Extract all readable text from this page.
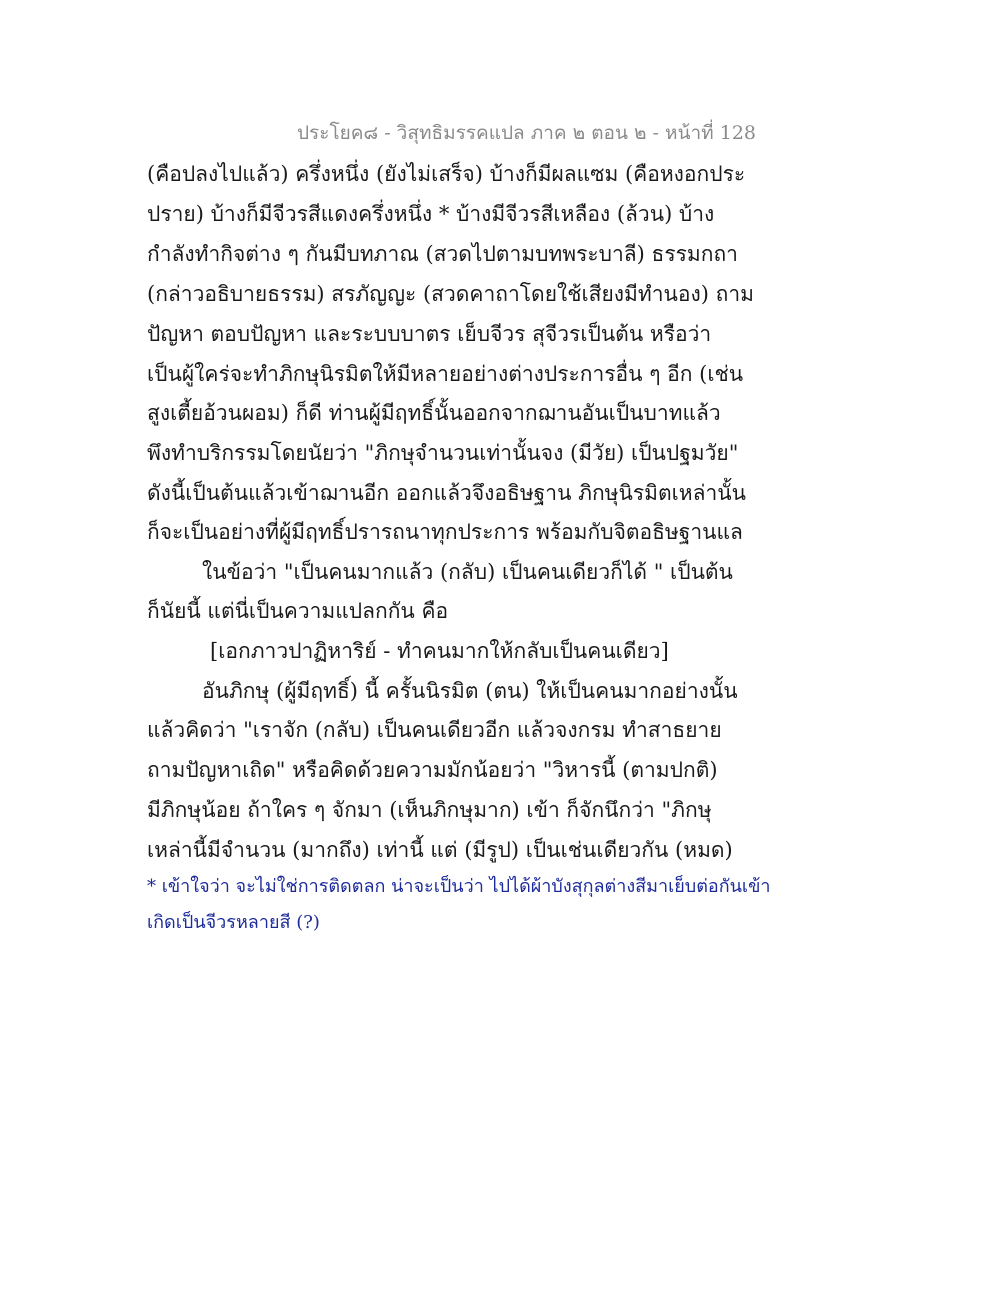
ประโยค๘ - วิสุทธิมรรคแปล ภาค ๒ ตอน ๒ - หน้าที่ 128
(คือปลงไปแล้ว) ครึ่งหนึ่ง (ยังไม่เสร็จ) บ้างก็มีผลแซม (คือหงอกประ
ปราย) บ้างก็มีจีวรสีแดงครึ่งหนึ่ง * บ้างมีจีวรสีเหลือง (ล้วน) บ้าง
กำลังทำกิจต่าง ๆ กันมีบทภาณ (สวดไปตามบทพระบาลี) ธรรมกถา
(กล่าวอธิบายธรรม) สรภัญญะ (สวดคาถาโดยใช้เสียงมีทำนอง) ถาม
ปัญหา ตอบปัญหา และระบบบาตร เย็บจีวร สุจีวรเป็นต้น หรือว่า
เป็นผู้ใคร่จะทำภิกษุนิรมิตให้มีหลายอย่างต่างประการอื่น ๆ อีก (เช่น
สูงเตี้ยอ้วนผอม) ก็ดี ท่านผู้มีฤทธิ์นั้นออกจากฌานอันเป็นบาทแล้ว
พึงทำบริกรรมโดยนัยว่า "ภิกษุจำนวนเท่านั้นจง (มีวัย) เป็นปฐมวัย"
ดังนี้เป็นต้นแล้วเข้าฌานอีก ออกแล้วจึงอธิษฐาน ภิกษุนิรมิตเหล่านั้น
ก็จะเป็นอย่างที่ผู้มีฤทธิ์ปรารถนาทุกประการ พร้อมกับจิตอธิษฐานแล
ในข้อว่า "เป็นคนมากแล้ว (กลับ) เป็นคนเดียวก็ได้ " เป็นต้น
ก็นัยนี้ แต่นี่เป็นความแปลกกัน คือ
[เอกภาวปาฏิหาริย์ - ทำคนมากให้กลับเป็นคนเดียว]
อันภิกษุ (ผู้มีฤทธิ์) นี้ ครั้นนิรมิต (ตน) ให้เป็นคนมากอย่างนั้น
แล้วคิดว่า "เราจัก (กลับ) เป็นคนเดียวอีก แล้วจงกรม ทำสาธยาย
ถามปัญหาเถิด" หรือคิดด้วยความมักน้อยว่า "วิหารนี้ (ตามปกติ)
มีภิกษุน้อย ถ้าใคร ๆ จักมา (เห็นภิกษุมาก) เข้า ก็จักนึกว่า "ภิกษุ
เหล่านี้มีจำนวน (มากถึง) เท่านี้ แต่ (มีรูป) เป็นเช่นเดียวกัน (หมด)
* เข้าใจว่า จะไม่ใช่การติดตลก น่าจะเป็นว่า ไปได้ผ้าบังสุกุลต่างสีมาเย็บต่อกันเข้า
เกิดเป็นจีวรหลายสี (?)
